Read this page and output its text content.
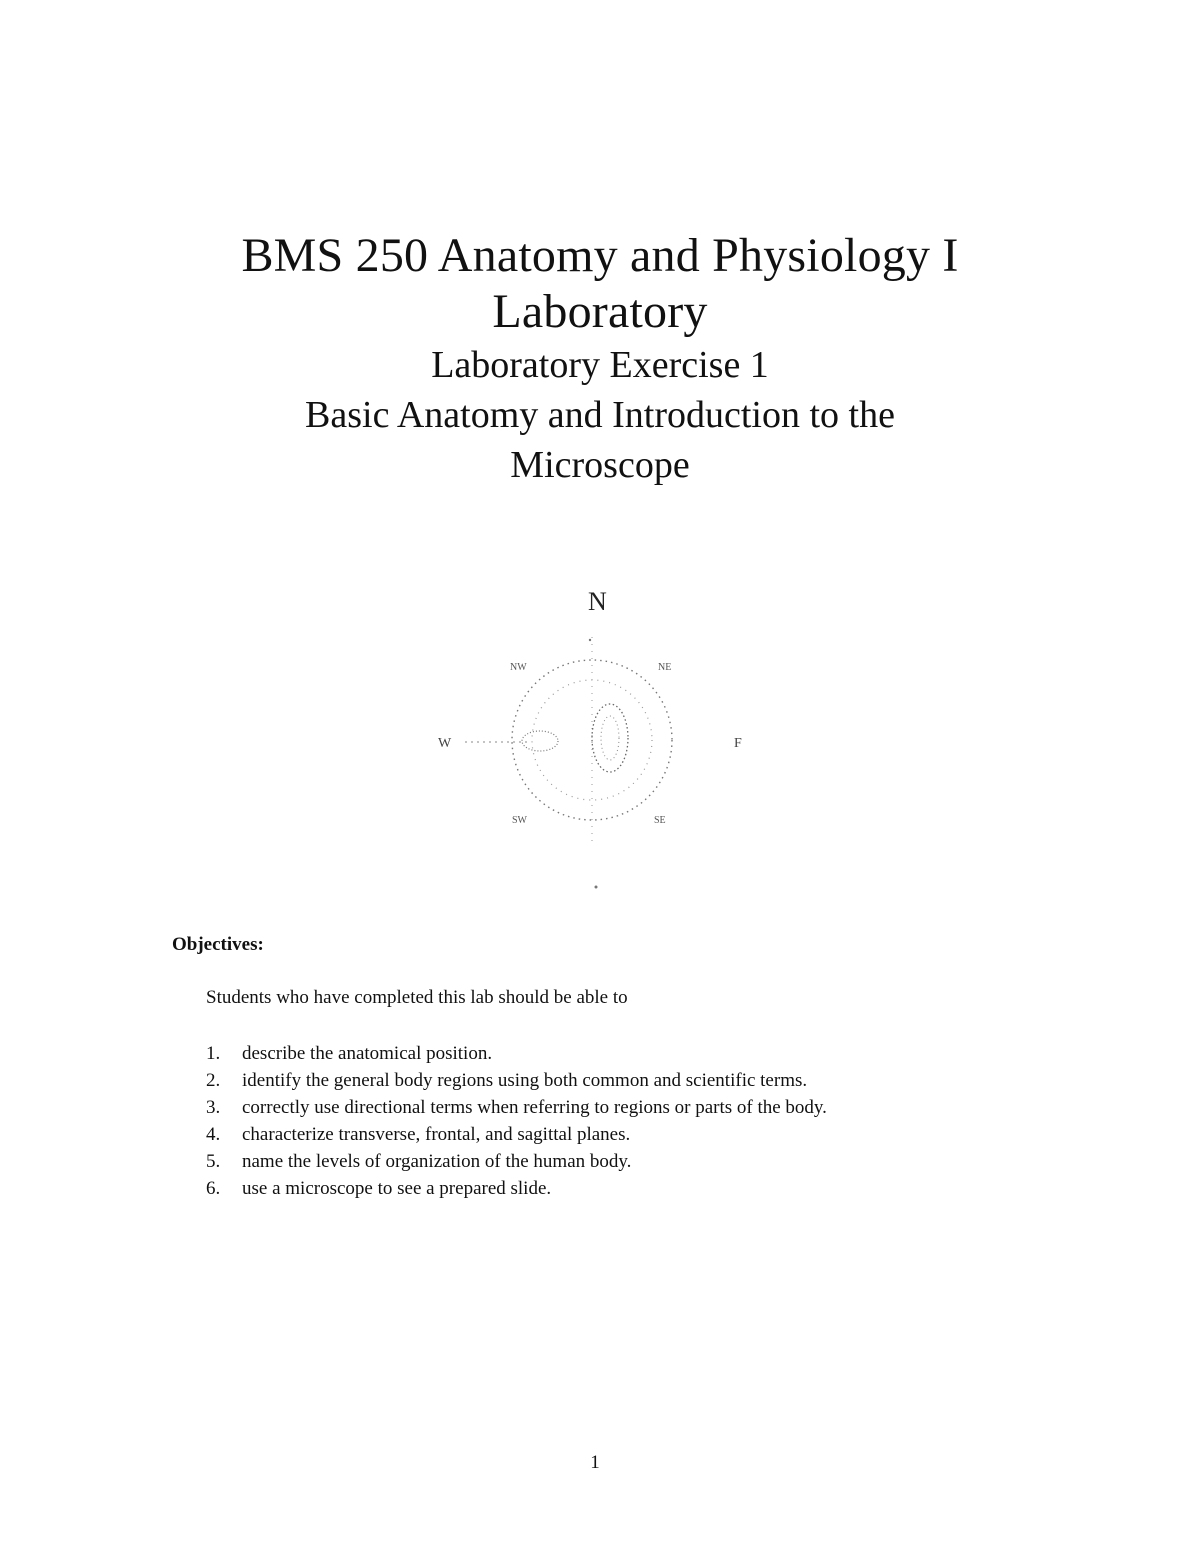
BMS 250 Anatomy and Physiology I

Laboratory

Laboratory Exercise 1

Basic Anatomy and Introduction to the

Microscope

N
W	F
NW	NE
SW	SE

Objectives:

Students who have completed this lab should be able to

1.	describe the anatomical position.
2.	identify the general body regions using both common and scientific terms.
3.	correctly use directional terms when referring to regions or parts of the body.
4.	characterize transverse, frontal, and sagittal planes.
5.	name the levels of organization of the human body.
6.	use a microscope to see a prepared slide.

1
